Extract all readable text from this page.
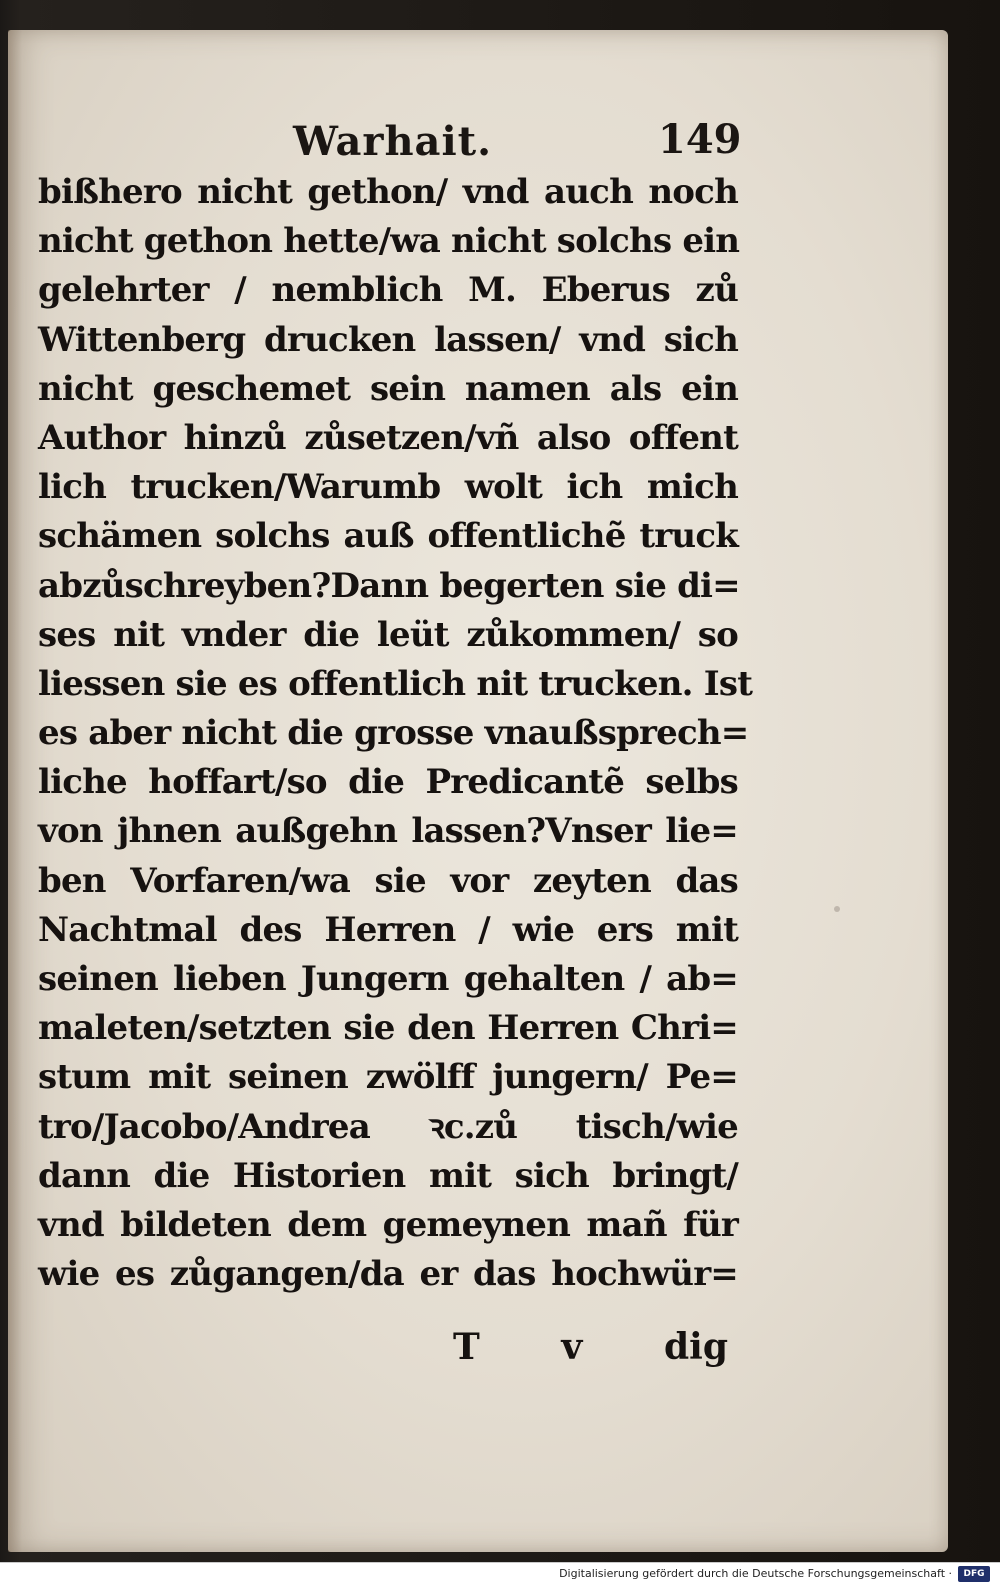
Warhait.	149
bißhero nicht gethon/ vnd auch noch
nicht gethon hette/wa nicht solchs ein
gelehrter / nemblich M. Eberus zů
Wittenberg drucken lassen/ vnd sich
nicht geschemet sein namen als ein
Author hinzů zůsetzen/vñ also offent
lich trucken/Warumb wolt ich mich
schämen solchs auß offentlichẽ truck
abzůschreyben?Dann begerten sie di=
ses nit vnder die leüt zůkommen/ so
liessen sie es offentlich nit trucken. Ist
es aber nicht die grosse vnaußsprech=
liche hoffart/so die Predicantẽ selbs
von jhnen außgehn lassen?Vnser lie=
ben Vorfaren/wa sie vor zeyten das
Nachtmal des Herren / wie ers mit
seinen lieben Jungern gehalten / ab=
maleten/setzten sie den Herren Chri=
stum mit seinen zwölff jungern/ Pe=
tro/Jacobo/Andrea ꝛc.zů tisch/wie
dann die Historien mit sich bringt/
vnd bildeten dem gemeynen mañ für
wie es zůgangen/da er das hochwür=
T v dig
Digitalisierung gefördert durch die Deutsche Forschungsgemeinschaft ·	DFG
